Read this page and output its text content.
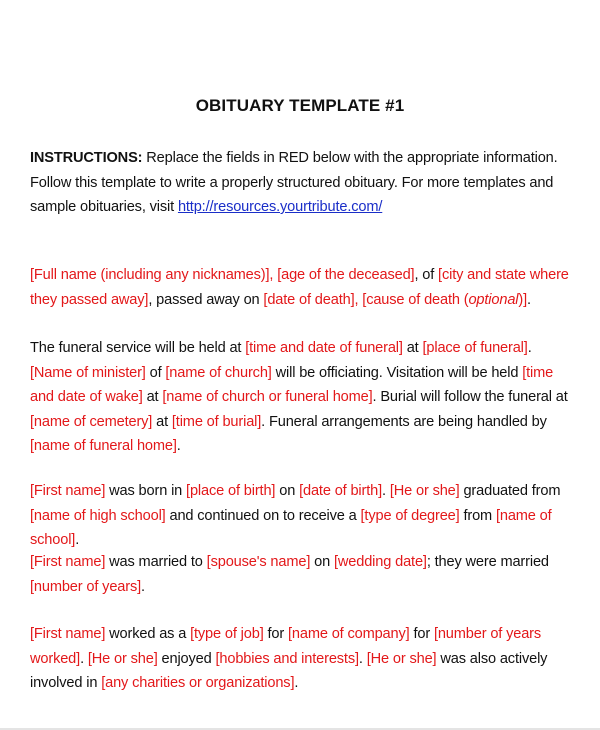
OBITUARY TEMPLATE #1
INSTRUCTIONS: Replace the fields in RED below with the appropriate information. Follow this template to write a properly structured obituary. For more templates and sample obituaries, visit http://resources.yourtribute.com/
[Full name (including any nicknames)], [age of the deceased], of [city and state where they passed away], passed away on [date of death], [cause of death (optional)].
The funeral service will be held at [time and date of funeral] at [place of funeral]. [Name of minister] of [name of church] will be officiating. Visitation will be held [time and date of wake] at [name of church or funeral home]. Burial will follow the funeral at [name of cemetery] at [time of burial]. Funeral arrangements are being handled by [name of funeral home].
[First name] was born in [place of birth] on [date of birth]. [He or she] graduated from [name of high school] and continued on to receive a [type of degree] from [name of school].
[First name] was married to [spouse's name] on [wedding date]; they were married [number of years].
[First name] worked as a [type of job] for [name of company] for [number of years worked]. [He or she] enjoyed [hobbies and interests]. [He or she] was also actively involved in [any charities or organizations].
